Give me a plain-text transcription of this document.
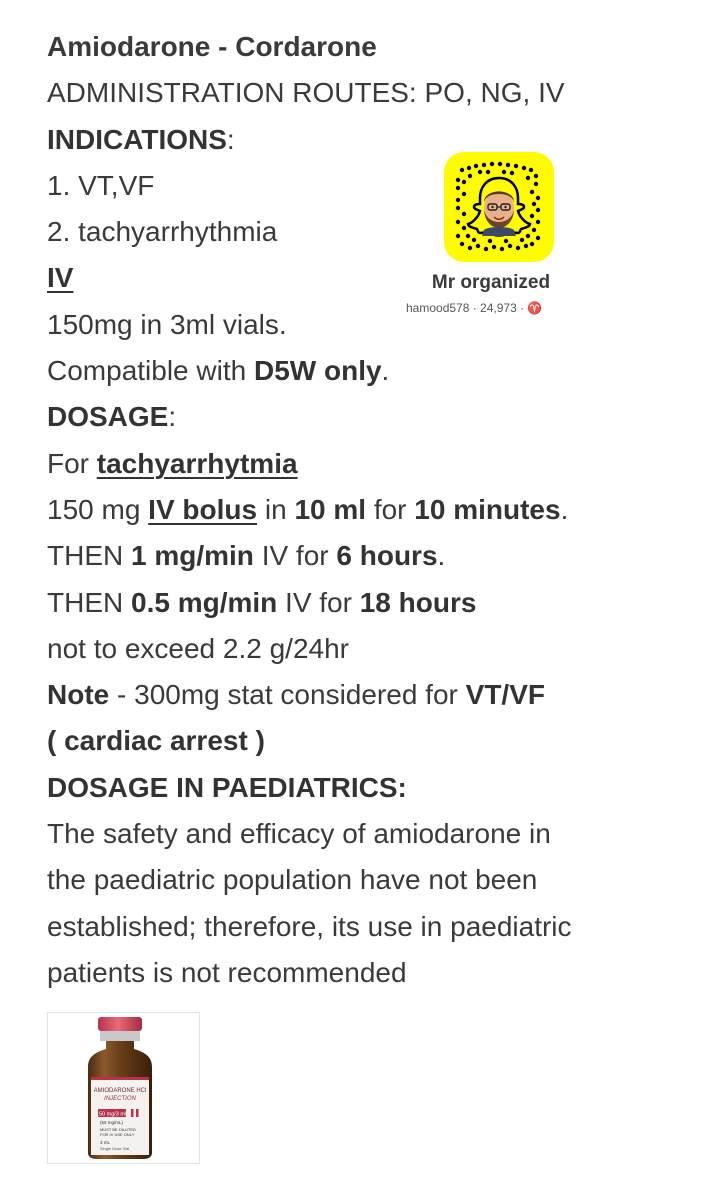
Amiodarone - Cordarone
ADMINISTRATION ROUTES: PO, NG, IV
INDICATIONS:
1. VT,VF
2. tachyarrhythmia
IV
150mg in 3ml vials.
Compatible with D5W only.
DOSAGE:
For tachyarrhytmia
150 mg IV bolus in 10 ml for 10 minutes.
THEN 1 mg/min IV for 6 hours.
THEN 0.5 mg/min IV for 18 hours
not to exceed 2.2 g/24hr
Note - 300mg stat considered for VT/VF
( cardiac arrest )
DOSAGE IN PAEDIATRICS:
The safety and efficacy of amiodarone in
the paediatric population have not been
established; therefore, its use in paediatric
patients is not recommended
Mr organized
hamood578 · 24,973 · ♈
AMIODARONE HCl
INJECTION
150 mg/3 mL
(50 mg/mL)
MUST BE DILUTED
FOR IV USE ONLY
3 mL
Single Dose Vial
